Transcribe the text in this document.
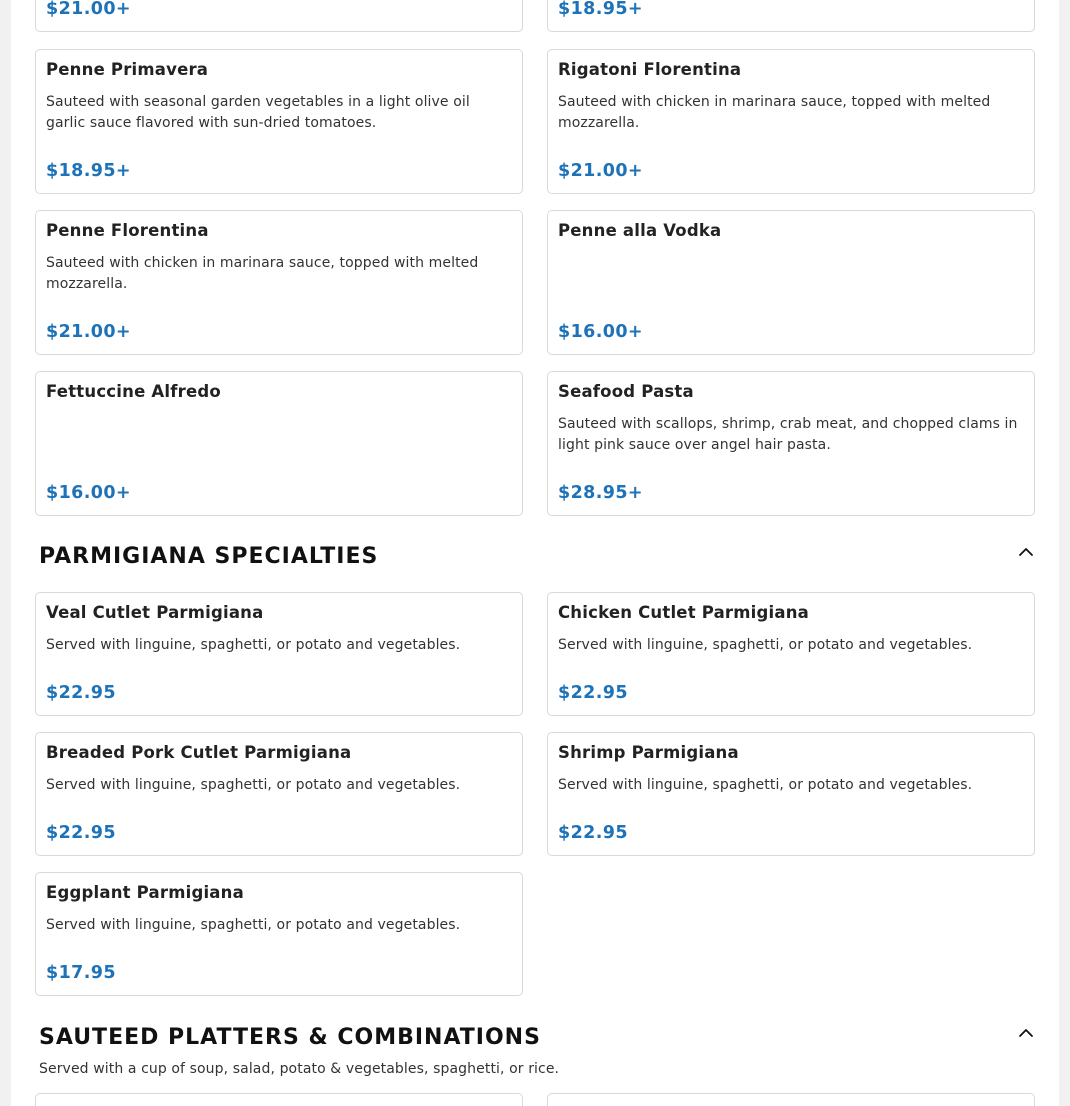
$21.00+	$18.95+
Penne Primavera
Sauteed with seasonal garden vegetables in a light olive oil garlic sauce flavored with sun-dried tomatoes.
$18.95+
Rigatoni Florentina
Sauteed with chicken in marinara sauce, topped with melted mozzarella.
$21.00+
Penne Florentina
Sauteed with chicken in marinara sauce, topped with melted mozzarella.
$21.00+
Penne alla Vodka
$16.00+
Fettuccine Alfredo
$16.00+
Seafood Pasta
Sauteed with scallops, shrimp, crab meat, and chopped clams in light pink sauce over angel hair pasta.
$28.95+
PARMIGIANA SPECIALTIES
Veal Cutlet Parmigiana
Served with linguine, spaghetti, or potato and vegetables.
$22.95
Chicken Cutlet Parmigiana
Served with linguine, spaghetti, or potato and vegetables.
$22.95
Breaded Pork Cutlet Parmigiana
Served with linguine, spaghetti, or potato and vegetables.
$22.95
Shrimp Parmigiana
Served with linguine, spaghetti, or potato and vegetables.
$22.95
Eggplant Parmigiana
Served with linguine, spaghetti, or potato and vegetables.
$17.95
SAUTEED PLATTERS & COMBINATIONS
Served with a cup of soup, salad, potato & vegetables, spaghetti, or rice.
